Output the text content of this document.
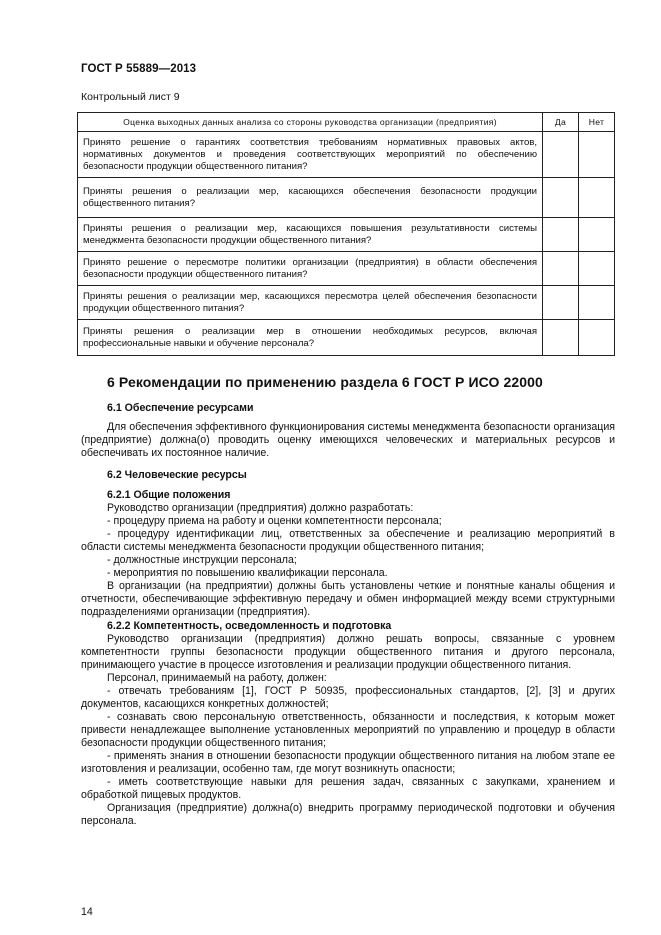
ГОСТ Р 55889—2013
Контрольный лист 9
Оценка выходных данных анализа со стороны руководства организации (предприятия)	Да	Нет
Принято решение о гарантиях соответствия требованиям нормативных правовых актов, нормативных документов и проведения соответствующих мероприятий по обеспечению безопасности продукции общественного питания?		
Приняты решения о реализации мер, касающихся обеспечения безопасности продукции общественного питания?		
Приняты решения о реализации мер, касающихся повышения результативности системы менеджмента безопасности продукции общественного питания?		
Принято решение о пересмотре политики организации (предприятия) в области обеспечения безопасности продукции общественного питания?		
Приняты решения о реализации мер, касающихся пересмотра целей обеспечения безопасности продукции общественного питания?		
Приняты решения о реализации мер в отношении необходимых ресурсов, включая профессиональные навыки и обучение персонала?		
6 Рекомендации по применению раздела 6 ГОСТ Р ИСО 22000
6.1 Обеспечение ресурсами

Для обеспечения эффективного функционирования системы менеджмента безопасности организация (предприятие) должна(о) проводить оценку имеющихся человеческих и материальных ресурсов и обеспечивать их постоянное наличие.

6.2 Человеческие ресурсы
6.2.1 Общие положения

Руководство организации (предприятия) должно разработать:

- процедуру приема на работу и оценки компетентности персонала;

- процедуру идентификации лиц, ответственных за обеспечение и реализацию мероприятий в области системы менеджмента безопасности продукции общественного питания;

- должностные инструкции персонала;

- мероприятия по повышению квалификации персонала.

В организации (на предприятии) должны быть установлены четкие и понятные каналы общения и отчетности, обеспечивающие эффективную передачу и обмен информацией между всеми структурными подразделениями организации (предприятия).

6.2.2 Компетентность, осведомленность и подготовка

Руководство организации (предприятия) должно решать вопросы, связанные с уровнем компетентности группы безопасности продукции общественного питания и другого персонала, принимающего участие в процессе изготовления и реализации продукции общественного питания.

Персонал, принимаемый на работу, должен:

- отвечать требованиям [1], ГОСТ Р 50935, профессиональных стандартов, [2], [3] и других документов, касающихся конкретных должностей;

- сознавать свою персональную ответственность, обязанности и последствия, к которым может привести ненадлежащее выполнение установленных мероприятий по управлению и процедур в области безопасности продукции общественного питания;

- применять знания в отношении безопасности продукции общественного питания на любом этапе ее изготовления и реализации, особенно там, где могут возникнуть опасности;

- иметь соответствующие навыки для решения задач, связанных с закупками, хранением и обработкой пищевых продуктов.

Организация (предприятие) должна(о) внедрить программу периодической подготовки и обучения персонала.

14
